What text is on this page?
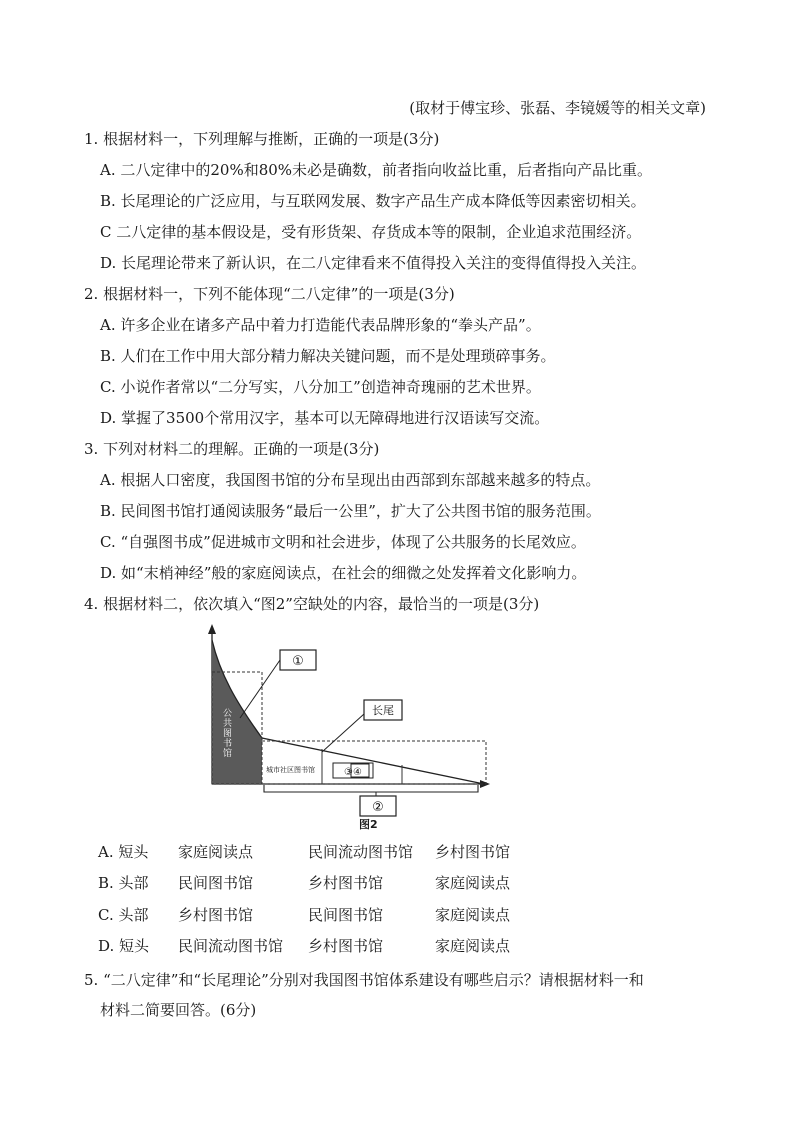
(取材于傅宝珍、张磊、李镜媛等的相关文章)
1. 根据材料一，下列理解与推断，正确的一项是(3分)
A. 二八定律中的20%和80%未必是确数，前者指向收益比重，后者指向产品比重。
B. 长尾理论的广泛应用，与互联网发展、数字产品生产成本降低等因素密切相关。
C 二八定律的基本假设是，受有形货架、存货成本等的限制，企业追求范围经济。
D. 长尾理论带来了新认识，在二八定律看来不值得投入关注的变得值得投入关注。
2. 根据材料一，下列不能体现“二八定律”的一项是(3分)
A. 许多企业在诸多产品中着力打造能代表品牌形象的“拳头产品”。
B. 人们在工作中用大部分精力解决关键问题，而不是处理琐碎事务。
C. 小说作者常以“二分写实，八分加工”创造神奇瑰丽的艺术世界。
D. 掌握了3500个常用汉字，基本可以无障碍地进行汉语读写交流。
3. 下列对材料二的理解。正确的一项是(3分)
A. 根据人口密度，我国图书馆的分布呈现出由西部到东部越来越多的特点。
B. 民间图书馆打通阅读服务“最后一公里”，扩大了公共图书馆的服务范围。
C. “自强图书成”促进城市文明和社会进步，体现了公共服务的长尾效应。
D. 如“末梢神经”般的家庭阅读点，在社会的细微之处发挥着文化影响力。
4. 根据材料二，依次填入“图2”空缺处的内容，最恰当的一项是(3分)
①
长尾
公共图书馆
城市社区图书馆	③④
②
图2
A. 短头 家庭阅读点	民间流动图书馆 乡村图书馆
B. 头部 民间图书馆	乡村图书馆	家庭阅读点
C. 头部 乡村图书馆	民间图书馆	家庭阅读点
D. 短头 民间流动图书馆 乡村图书馆	家庭阅读点
5. “二八定律”和“长尾理论”分别对我国图书馆体系建设有哪些启示？请根据材料一和
材料二简要回答。(6分)
